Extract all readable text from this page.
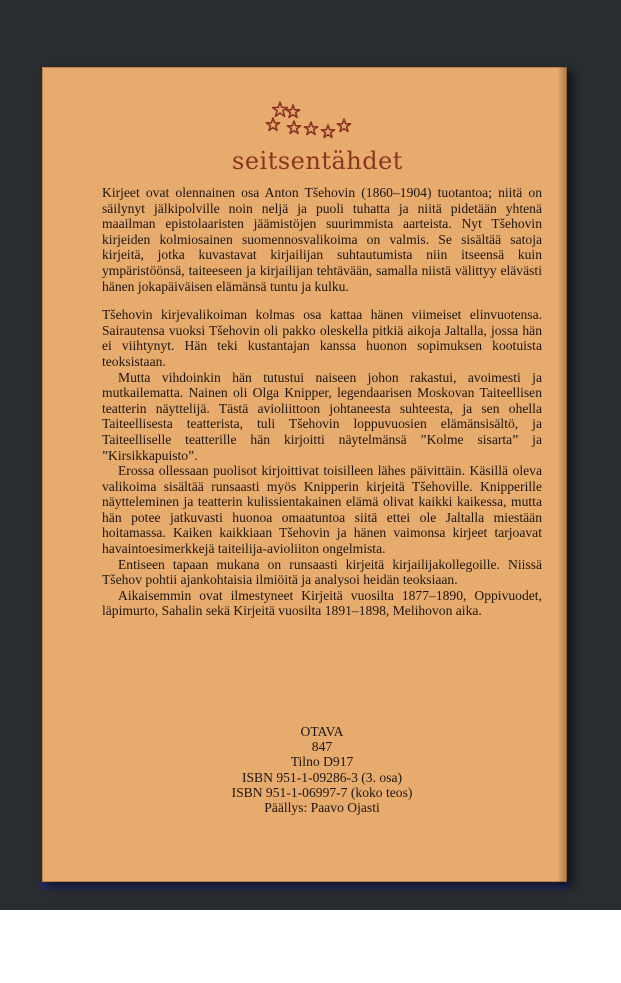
seitsentähdet

Kirjeet ovat olennainen osa Anton Tšehovin (1860–1904) tuotantoa; niitä on säilynyt jälkipolville noin neljä ja puoli tuhatta ja niitä pidetään yhtenä maailman epistolaaristen jäämistöjen suurimmista aarteista. Nyt Tšehovin kirjeiden kolmiosainen suomennosvalikoima on valmis. Se sisältää satoja kirjeitä, jotka kuvastavat kirjailijan suhtautumista niin itseensä kuin ympäristöönsä, taiteeseen ja kirjailijan tehtävään, samalla niistä välittyy elävästi hänen jokapäiväisen elämänsä tuntu ja kulku.

Tšehovin kirjevalikoiman kolmas osa kattaa hänen viimeiset elinvuotensa. Sairautensa vuoksi Tšehovin oli pakko oleskella pitkiä aikoja Jaltalla, jossa hän ei viihtynyt. Hän teki kustantajan kanssa huonon sopimuksen kootuista teoksistaan.

Mutta vihdoinkin hän tutustui naiseen johon rakastui, avoimesti ja mutkailematta. Nainen oli Olga Knipper, legendaarisen Moskovan Taiteellisen teatterin näyttelijä. Tästä avioliittoon johtaneesta suhteesta, ja sen ohella Taiteellisesta teatterista, tuli Tšehovin loppuvuosien elämänsisältö, ja Taiteelliselle teatterille hän kirjoitti näytelmänsä ”Kolme sisarta” ja ”Kirsikkapuisto”.

Erossa ollessaan puolisot kirjoittivat toisilleen lähes päivittäin. Käsillä oleva valikoima sisältää runsaasti myös Knipperin kirjeitä Tšehoville. Knipperille näytteleminen ja teatterin kulissientakainen elämä olivat kaikki kaikessa, mutta hän potee jatkuvasti huonoa omaatuntoa siitä ettei ole Jaltalla miestään hoitamassa. Kaiken kaikkiaan Tšehovin ja hänen vaimonsa kirjeet tarjoavat havaintoesimerkkejä taiteilija-avioliiton ongelmista.

Entiseen tapaan mukana on runsaasti kirjeitä kirjailijakollegoille. Niissä Tšehov pohtii ajankohtaisia ilmiöitä ja analysoi heidän teoksiaan.

Aikaisemmin ovat ilmestyneet Kirjeitä vuosilta 1877–1890, Oppivuodet, läpimurto, Sahalin sekä Kirjeitä vuosilta 1891–1898, Melihovon aika.

OTAVA
847
Tilno D917
ISBN 951-1-09286-3 (3. osa)
ISBN 951-1-06997-7 (koko teos)
Päällys: Paavo Ojasti
